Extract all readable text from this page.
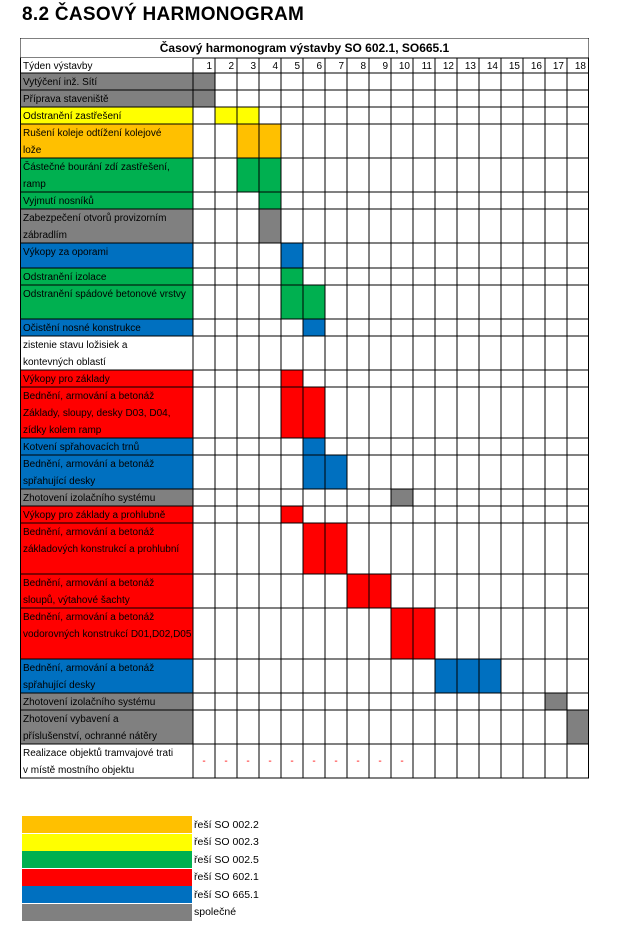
8.2 ČASOVÝ HARMONOGRAM
Časový harmonogram výstavby SO 602.1, SO665.1
Týden výstavby	1 2 3 4 5 6 7 8 9 10 11 12 13 14 15 16 17 18
Vytýčení inž. Sítí
Příprava staveniště
Odstranění zastřešení
Rušení koleje odtížení kolejové lože
Částečné bourání zdí zastřešení, ramp
Vyjmutí nosníků
Zabezpečení otvorů provizorním zábradlím
Výkopy za oporami
Odstranění izolace
Odstranění spádové betonové vrstvy
Očistění nosné konstrukce
zistenie stavu ložisiek a kontevných oblastí
Výkopy pro základy
Bednění, armování a betonáž Základy, sloupy, desky D03, D04, zídky kolem ramp
Kotvení spřahovacích trnů
Bednění, armování a betonáž spřahující desky
Zhotovení izolačního systému
Výkopy pro základy a prohlubně
Bednění, armování a betonáž základových konstrukcí a prohlubní
Bednění, armování a betonáž sloupů, výtahové šachty
Bednění, armování a betonáž vodorovných konstrukcí D01,D02,D05
Bednění, armování a betonáž spřahující desky
Zhotovení izolačního systému
Zhotovení vybavení a příslušenství, ochranné nátěry
Realizace objektů tramvajové trati v místě mostního objektu
- - - - - - - - - -
řeší SO 002.2
řeší SO 002.3
řeší SO 002.5
řeší SO 602.1
řeší SO 665.1
společné
